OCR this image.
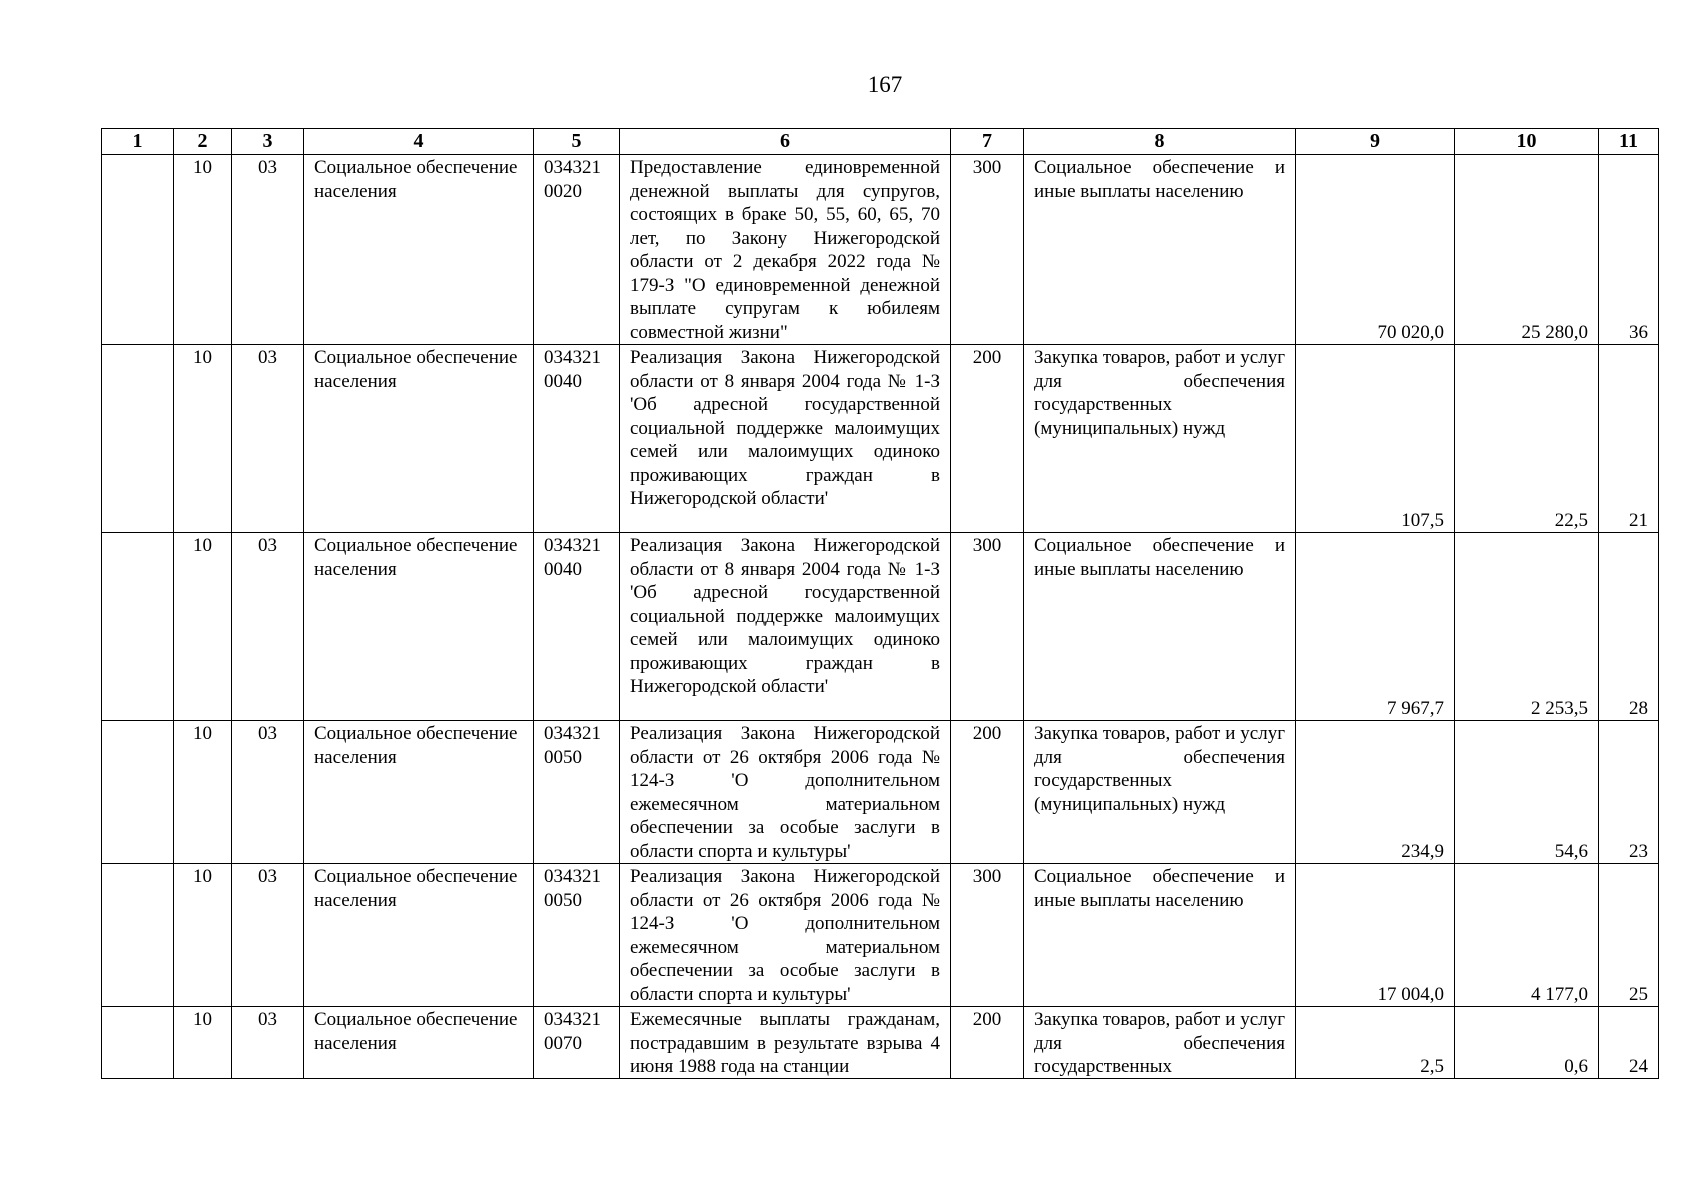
167
1	2	3	4	5	6	7	8	9	10	11
	10	03	Социальное обеспечение населения	034321 0020	Предоставление единовременной денежной выплаты для супругов, состоящих в браке 50, 55, 60, 65, 70 лет, по Закону Нижегородской области от 2 декабря 2022 года № 179-З "О единовременной денежной выплате супругам к юбилеям совместной жизни"	300	Социальное обеспечение и иные выплаты населению	70 020,0	25 280,0	36
	10	03	Социальное обеспечение населения	034321 0040	Реализация Закона Нижегородской области от 8 января 2004 года № 1-З 'Об адресной государственной социальной поддержке малоимущих семей или малоимущих одиноко проживающих граждан в Нижегородской области'	200	Закупка товаров, работ и услуг для обеспечения государственных (муниципальных) нужд	107,5	22,5	21
	10	03	Социальное обеспечение населения	034321 0040	Реализация Закона Нижегородской области от 8 января 2004 года № 1-З 'Об адресной государственной социальной поддержке малоимущих семей или малоимущих одиноко проживающих граждан в Нижегородской области'	300	Социальное обеспечение и иные выплаты населению	7 967,7	2 253,5	28
	10	03	Социальное обеспечение населения	034321 0050	Реализация Закона Нижегородской области от 26 октября 2006 года № 124-З 'О дополнительном ежемесячном материальном обеспечении за особые заслуги в области спорта и культуры'	200	Закупка товаров, работ и услуг для обеспечения государственных (муниципальных) нужд	234,9	54,6	23
	10	03	Социальное обеспечение населения	034321 0050	Реализация Закона Нижегородской области от 26 октября 2006 года № 124-З 'О дополнительном ежемесячном материальном обеспечении за особые заслуги в области спорта и культуры'	300	Социальное обеспечение и иные выплаты населению	17 004,0	4 177,0	25
	10	03	Социальное обеспечение населения	034321 0070	Ежемесячные выплаты гражданам, пострадавшим в результате взрыва 4 июня 1988 года на станции	200	Закупка товаров, работ и услуг для обеспечения государственных	2,5	0,6	24
